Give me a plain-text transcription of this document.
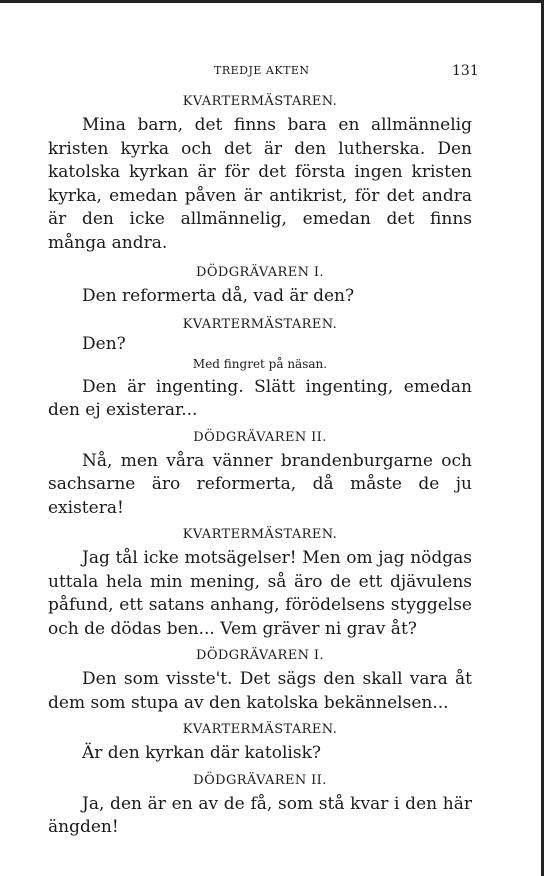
TREDJE AKTEN	131
KVARTERMÄSTAREN.

Mina barn, det finns bara en allmännelig kristen kyrka och det är den lutherska. Den katolska kyrkan är för det första ingen kristen kyrka, emedan påven är antikrist, för det andra är den icke allmännelig, emedan det finns många andra.

DÖDGRÄVAREN I.

Den reformerta då, vad är den?

KVARTERMÄSTAREN.

Den?

Med fingret på näsan.

Den är ingenting. Slätt ingenting, emedan den ej existerar...

DÖDGRÄVAREN II.

Nå, men våra vänner brandenburgarne och sachsarne äro reformerta, då måste de ju existera!

KVARTERMÄSTAREN.

Jag tål icke motsägelser! Men om jag nödgas uttala hela min mening, så äro de ett djävulens påfund, ett satans anhang, förödelsens styggelse och de dödas ben... Vem gräver ni grav åt?

DÖDGRÄVAREN I.

Den som visste't. Det sägs den skall vara åt dem som stupa av den katolska bekännelsen...

KVARTERMÄSTAREN.

Är den kyrkan där katolisk?

DÖDGRÄVAREN II.

Ja, den är en av de få, som stå kvar i den här ängden!
